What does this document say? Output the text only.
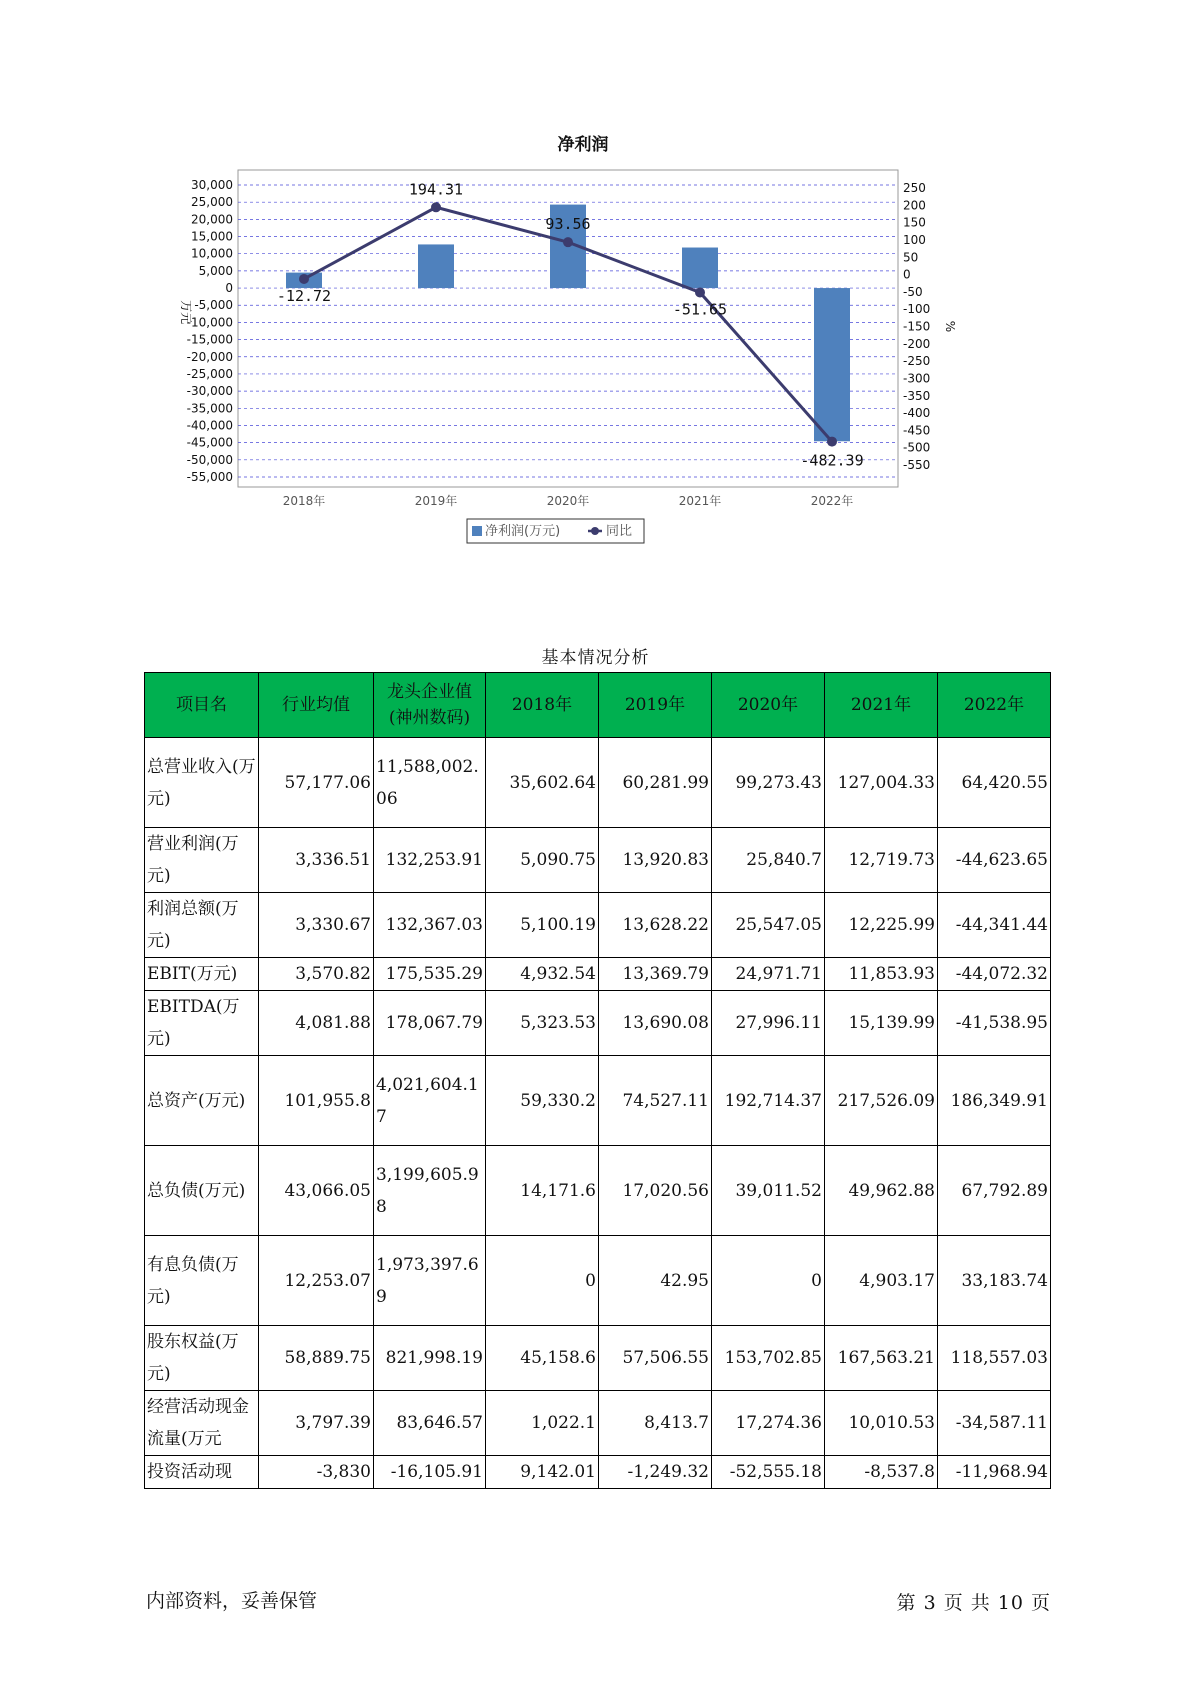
净利润
30,000
25,000
20,000
15,000
10,000
5,000
0
-5,000
-10,000
-15,000
-20,000
-25,000
-30,000
-35,000
-40,000
-45,000
-50,000
-55,000
250
200
150
100
50
0
-50
-100
-150
-200
-250
-300
-350
-400
-450
-500
-550
万元
%
-12.72
194.31
93.56
-51.65
-482.39
2018年	2019年	2020年	2021年	2022年
净利润(万元)	同比
基本情况分析
项目名	行业均值	龙头企业值(神州数码)	2018年	2019年	2020年	2021年	2022年
总营业收入(万元)	57,177.06	11,588,002.06	35,602.64	60,281.99	99,273.43	127,004.33	64,420.55
营业利润(万元)	3,336.51	132,253.91	5,090.75	13,920.83	25,840.7	12,719.73	-44,623.65
利润总额(万元)	3,330.67	132,367.03	5,100.19	13,628.22	25,547.05	12,225.99	-44,341.44
EBIT(万元)	3,570.82	175,535.29	4,932.54	13,369.79	24,971.71	11,853.93	-44,072.32
EBITDA(万元)	4,081.88	178,067.79	5,323.53	13,690.08	27,996.11	15,139.99	-41,538.95
总资产(万元)	101,955.8	4,021,604.17	59,330.2	74,527.11	192,714.37	217,526.09	186,349.91
总负债(万元)	43,066.05	3,199,605.98	14,171.6	17,020.56	39,011.52	49,962.88	67,792.89
有息负债(万元)	12,253.07	1,973,397.69	0	42.95	0	4,903.17	33,183.74
股东权益(万元)	58,889.75	821,998.19	45,158.6	57,506.55	153,702.85	167,563.21	118,557.03
经营活动现金流量(万元	3,797.39	83,646.57	1,022.1	8,413.7	17,274.36	10,010.53	-34,587.11
投资活动现	-3,830	-16,105.91	9,142.01	-1,249.32	-52,555.18	-8,537.8	-11,968.94
内部资料，妥善保管	第 3 页 共 10 页
